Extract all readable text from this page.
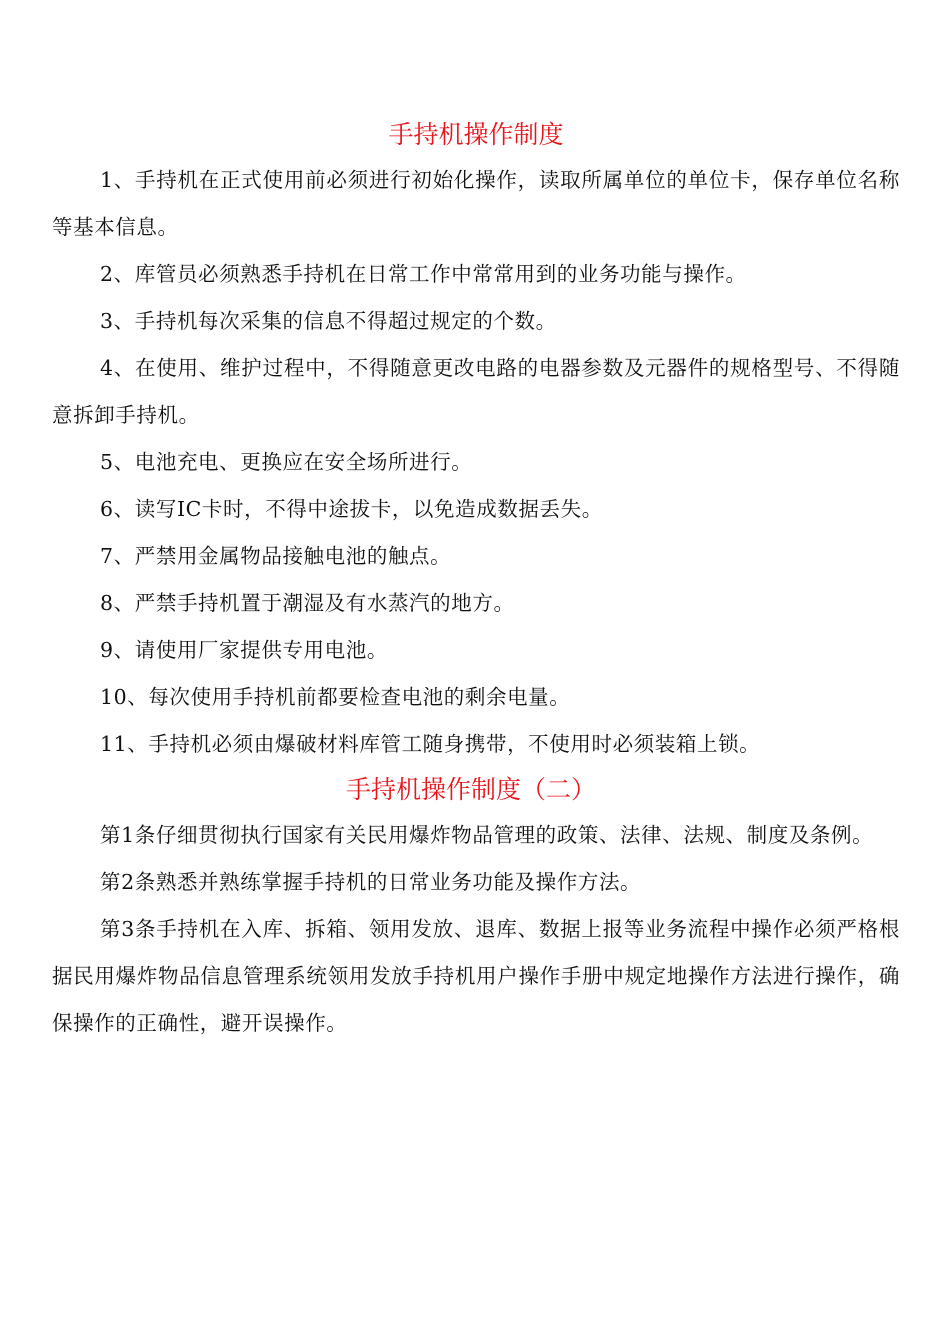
手持机操作制度

1、手持机在正式使用前必须进行初始化操作，读取所属单位的单位卡，保存单位名称等基本信息。

2、库管员必须熟悉手持机在日常工作中常常用到的业务功能与操作。

3、手持机每次采集的信息不得超过规定的个数。

4、在使用、维护过程中，不得随意更改电路的电器参数及元器件的规格型号、不得随意拆卸手持机。

5、电池充电、更换应在安全场所进行。

6、读写IC卡时，不得中途拔卡，以免造成数据丢失。

7、严禁用金属物品接触电池的触点。

8、严禁手持机置于潮湿及有水蒸汽的地方。

9、请使用厂家提供专用电池。

10、每次使用手持机前都要检查电池的剩余电量。

11、手持机必须由爆破材料库管工随身携带，不使用时必须装箱上锁。

手持机操作制度（二）

第1条仔细贯彻执行国家有关民用爆炸物品管理的政策、法律、法规、制度及条例。

第2条熟悉并熟练掌握手持机的日常业务功能及操作方法。

第3条手持机在入库、拆箱、领用发放、退库、数据上报等业务流程中操作必须严格根据民用爆炸物品信息管理系统领用发放手持机用户操作手册中规定地操作方法进行操作，确保操作的正确性，避开误操作。
